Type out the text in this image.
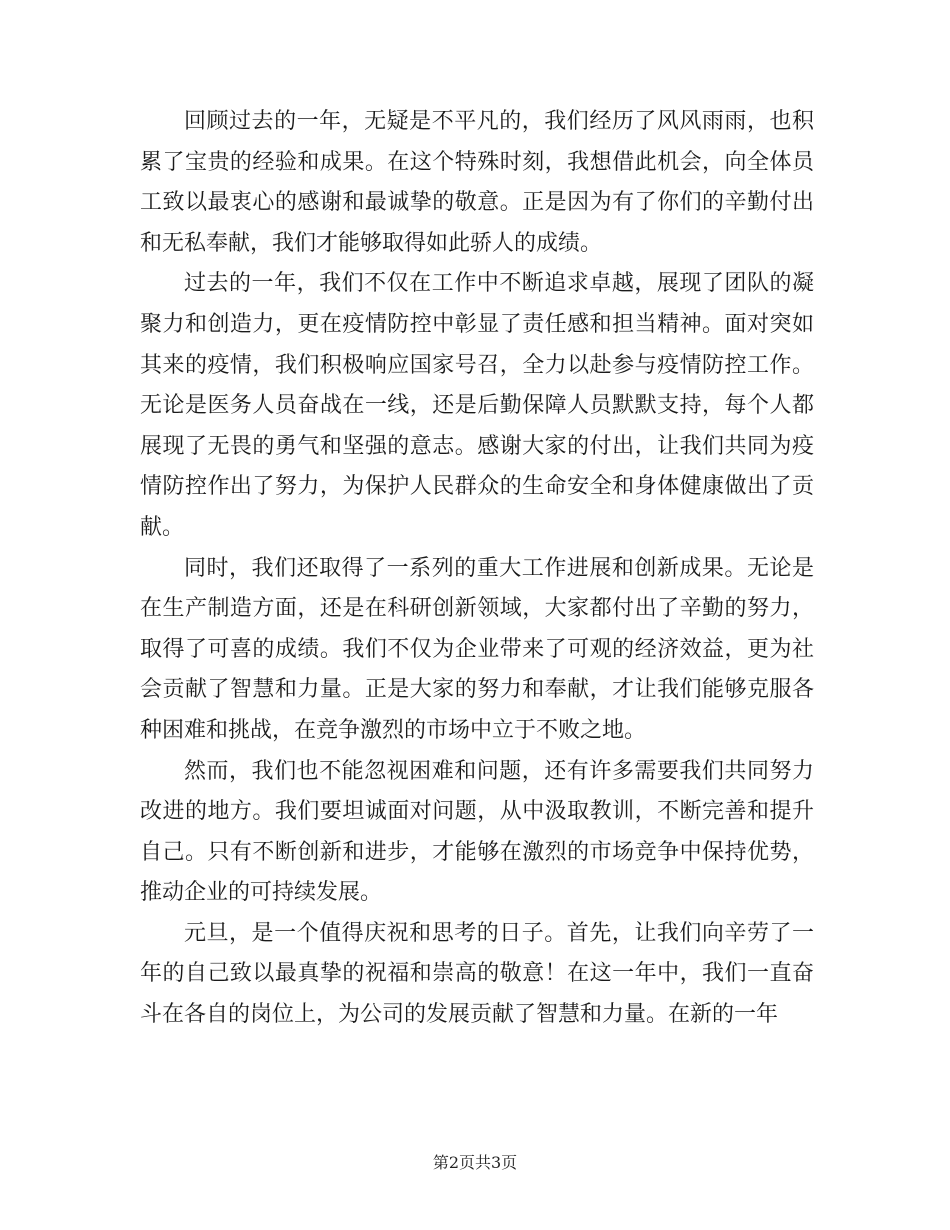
回顾过去的一年，无疑是不平凡的，我们经历了风风雨雨，也积累了宝贵的经验和成果。在这个特殊时刻，我想借此机会，向全体员工致以最衷心的感谢和最诚挚的敬意。正是因为有了你们的辛勤付出和无私奉献，我们才能够取得如此骄人的成绩。

过去的一年，我们不仅在工作中不断追求卓越，展现了团队的凝聚力和创造力，更在疫情防控中彰显了责任感和担当精神。面对突如其来的疫情，我们积极响应国家号召，全力以赴参与疫情防控工作。无论是医务人员奋战在一线，还是后勤保障人员默默支持，每个人都展现了无畏的勇气和坚强的意志。感谢大家的付出，让我们共同为疫情防控作出了努力，为保护人民群众的生命安全和身体健康做出了贡献。

同时，我们还取得了一系列的重大工作进展和创新成果。无论是在生产制造方面，还是在科研创新领域，大家都付出了辛勤的努力，取得了可喜的成绩。我们不仅为企业带来了可观的经济效益，更为社会贡献了智慧和力量。正是大家的努力和奉献，才让我们能够克服各种困难和挑战，在竞争激烈的市场中立于不败之地。

然而，我们也不能忽视困难和问题，还有许多需要我们共同努力改进的地方。我们要坦诚面对问题，从中汲取教训，不断完善和提升自己。只有不断创新和进步，才能够在激烈的市场竞争中保持优势，推动企业的可持续发展。

元旦，是一个值得庆祝和思考的日子。首先，让我们向辛劳了一年的自己致以最真挚的祝福和崇高的敬意！在这一年中，我们一直奋斗在各自的岗位上，为公司的发展贡献了智慧和力量。在新的一年

第2页共3页
